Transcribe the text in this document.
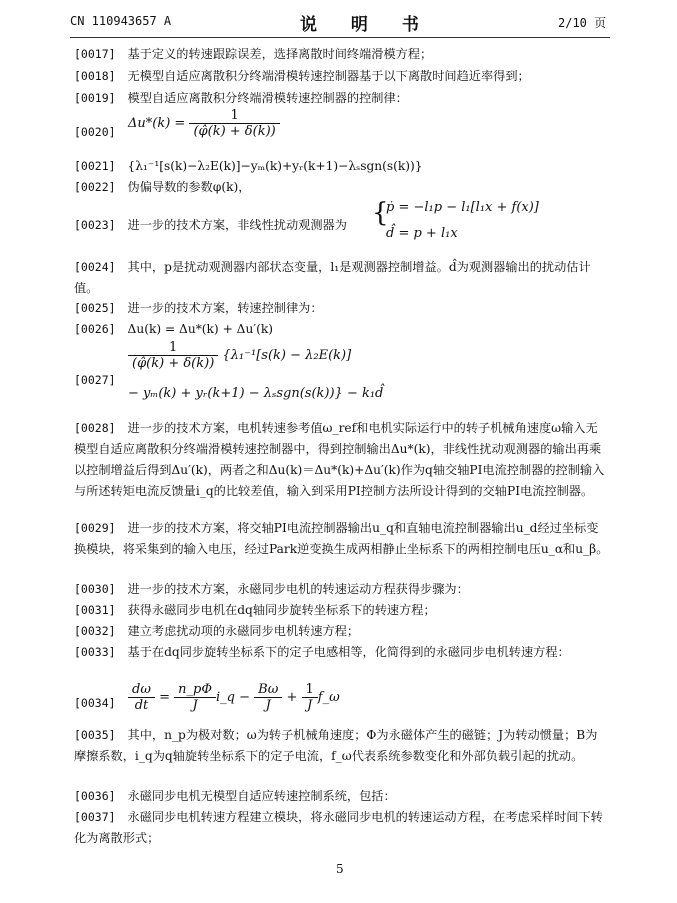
CN 110943657 A	说 明 书	2/10 页
[0017] 基于定义的转速跟踪误差，选择离散时间终端滑模方程；
[0018] 无模型自适应离散积分终端滑模转速控制器基于以下离散时间趋近率得到；
[0019] 模型自适应离散积分终端滑模转速控制器的控制律：
[0020]
$\Delta u*(k) = \frac{1}{(\varphî(k) + \delta(k))}$
[0021] {λ₁⁻¹[s(k)−λ₂E(k)]−yₘ(k)+yᵣ(k+1)−λₛsgn(s(k))}
[0022] 伪偏导数的参数φ(k)，
[0023] 进一步的技术方案，非线性扰动观测器为 {
ṗ = −l₁p − l₁[l₁x + f(x)]
d̂ = p + l₁x
[0024] 其中，p是扰动观测器内部状态变量，l₁是观测器控制增益。d̂为观测器输出的扰动估计值。
[0025] 进一步的技术方案，转速控制律为：
[0026] Δu(k) = Δu*(k) + Δu′(k)
[0027]
$\frac{1}{(\varphî(k) + \delta(k))} \{\lambda_1^{-1}[s(k) - \lambda_2E(k)]$
− yₘ(k) + yᵣ(k+1) − λₛsgn(s(k))} − k₁d̂
[0028] 进一步的技术方案，电机转速参考值ω_ref和电机实际运行中的转子机械角速度ω输入无模型自适应离散积分终端滑模转速控制器中，得到控制输出Δu*(k)，非线性扰动观测器的输出再乘以控制增益后得到Δu′(k)，两者之和Δu(k)＝Δu*(k)+Δu′(k)作为q轴交轴PI电流控制器的控制输入与所述转矩电流反馈量i_q的比较差值，输入到采用PI控制方法所设计得到的交轴PI电流控制器。
[0029] 进一步的技术方案，将交轴PI电流控制器输出u_q和直轴电流控制器输出u_d经过坐标变换模块，将采集到的输入电压，经过Park逆变换生成两相静止坐标系下的两相控制电压u_α和u_β。
[0030] 进一步的技术方案，永磁同步电机的转速运动方程获得步骤为：
[0031] 获得永磁同步电机在dq轴同步旋转坐标系下的转速方程；
[0032] 建立考虑扰动项的永磁同步电机转速方程；
[0033] 基于在dq同步旋转坐标系下的定子电感相等，化简得到的永磁同步电机转速方程：
$[0034] \frac{d\omega}{dt} = \frac{n\_p\Phi}{J}$ i_q − $\frac{B\omega}{J} + \frac{1}{J}$ f_ω
[0035] 其中，n_p为极对数；ω为转子机械角速度；Φ为永磁体产生的磁链；J为转动惯量；B为摩擦系数，i_q为q轴旋转坐标系下的定子电流，f_ω代表系统参数变化和外部负载引起的扰动。
[0036] 永磁同步电机无模型自适应转速控制系统，包括：
[0037] 永磁同步电机转速方程建立模块，将永磁同步电机的转速运动方程，在考虑采样时间下转化为离散形式；
5
